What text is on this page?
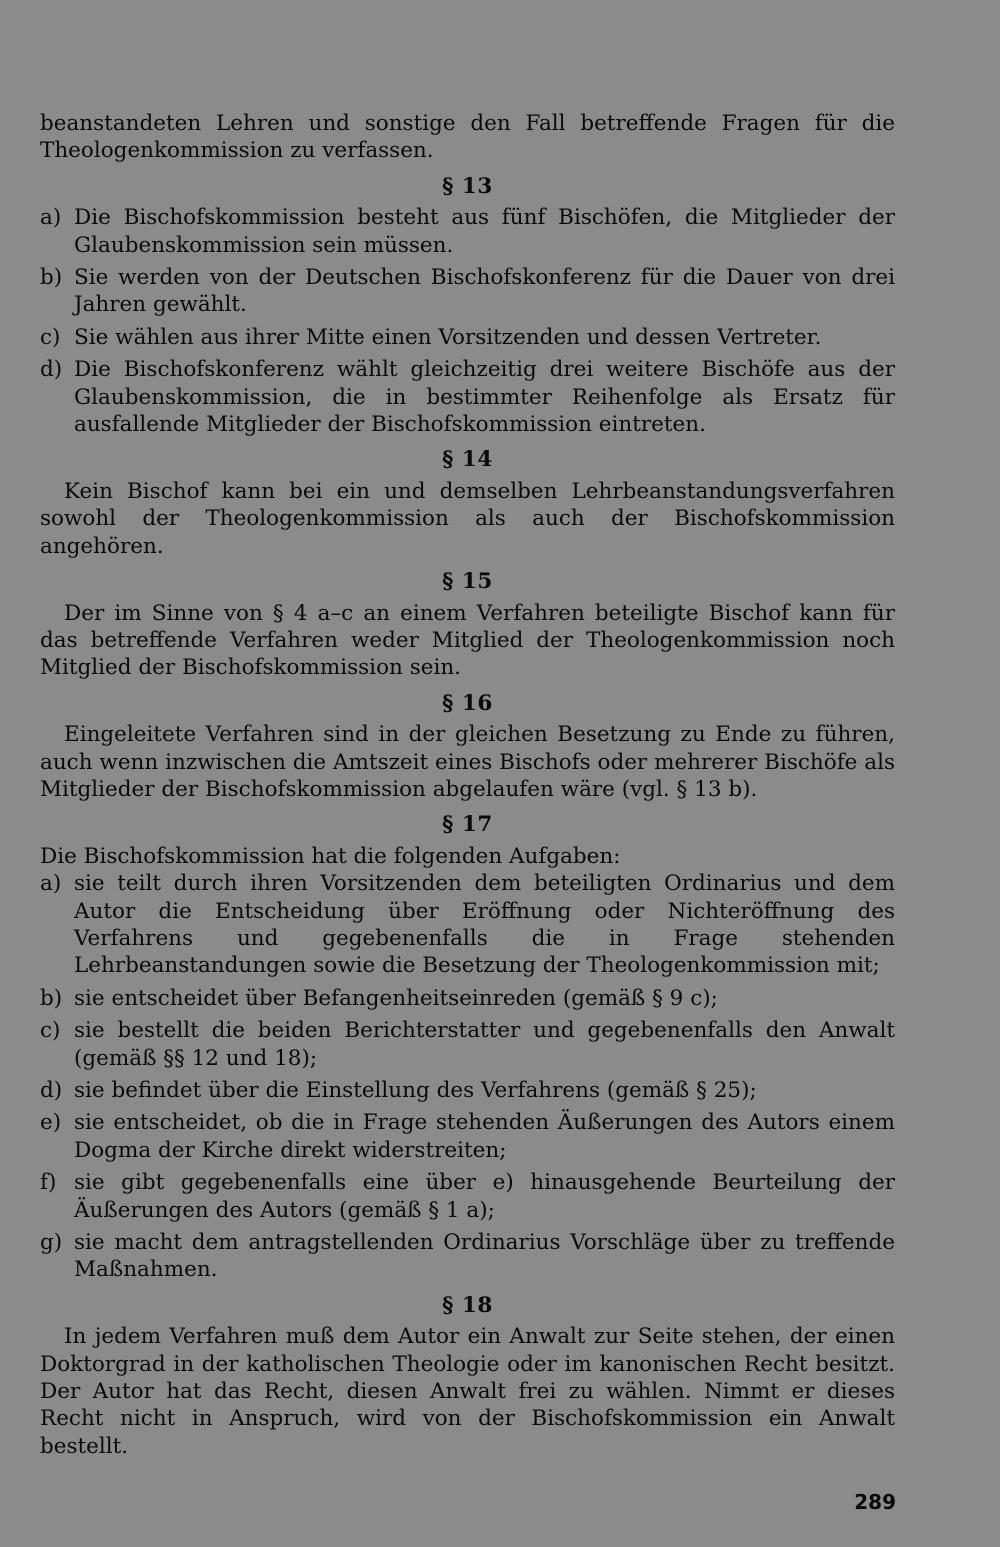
beanstandeten Lehren und sonstige den Fall betreffende Fragen für die Theologenkommission zu verfassen.

§ 13
a) Die Bischofskommission besteht aus fünf Bischöfen, die Mitglieder der Glaubenskommission sein müssen.
b) Sie werden von der Deutschen Bischofskonferenz für die Dauer von drei Jahren gewählt.
c) Sie wählen aus ihrer Mitte einen Vorsitzenden und dessen Vertreter.
d) Die Bischofskonferenz wählt gleichzeitig drei weitere Bischöfe aus der Glaubenskommission, die in bestimmter Reihenfolge als Ersatz für ausfallende Mitglieder der Bischofskommission eintreten.
§ 14

Kein Bischof kann bei ein und demselben Lehrbeanstandungsverfahren sowohl der Theologenkommission als auch der Bischofskommission angehören.

§ 15

Der im Sinne von § 4 a–c an einem Verfahren beteiligte Bischof kann für das betreffende Verfahren weder Mitglied der Theologenkommission noch Mitglied der Bischofskommission sein.

§ 16

Eingeleitete Verfahren sind in der gleichen Besetzung zu Ende zu führen, auch wenn inzwischen die Amtszeit eines Bischofs oder mehrerer Bischöfe als Mitglieder der Bischofskommission abgelaufen wäre (vgl. § 13 b).

§ 17

Die Bischofskommission hat die folgenden Aufgaben:

a) sie teilt durch ihren Vorsitzenden dem beteiligten Ordinarius und dem Autor die Entscheidung über Eröffnung oder Nichteröffnung des Verfahrens und gegebenenfalls die in Frage stehenden Lehrbeanstandungen sowie die Besetzung der Theologenkommission mit;
b) sie entscheidet über Befangenheitseinreden (gemäß § 9 c);
c) sie bestellt die beiden Berichterstatter und gegebenenfalls den Anwalt (gemäß §§ 12 und 18);
d) sie befindet über die Einstellung des Verfahrens (gemäß § 25);
e) sie entscheidet, ob die in Frage stehenden Äußerungen des Autors einem Dogma der Kirche direkt widerstreiten;
f) sie gibt gegebenenfalls eine über e) hinausgehende Beurteilung der Äußerungen des Autors (gemäß § 1 a);
g) sie macht dem antragstellenden Ordinarius Vorschläge über zu treffende Maßnahmen.
§ 18

In jedem Verfahren muß dem Autor ein Anwalt zur Seite stehen, der einen Doktorgrad in der katholischen Theologie oder im kanonischen Recht besitzt. Der Autor hat das Recht, diesen Anwalt frei zu wählen. Nimmt er dieses Recht nicht in Anspruch, wird von der Bischofskommission ein Anwalt bestellt.

289
